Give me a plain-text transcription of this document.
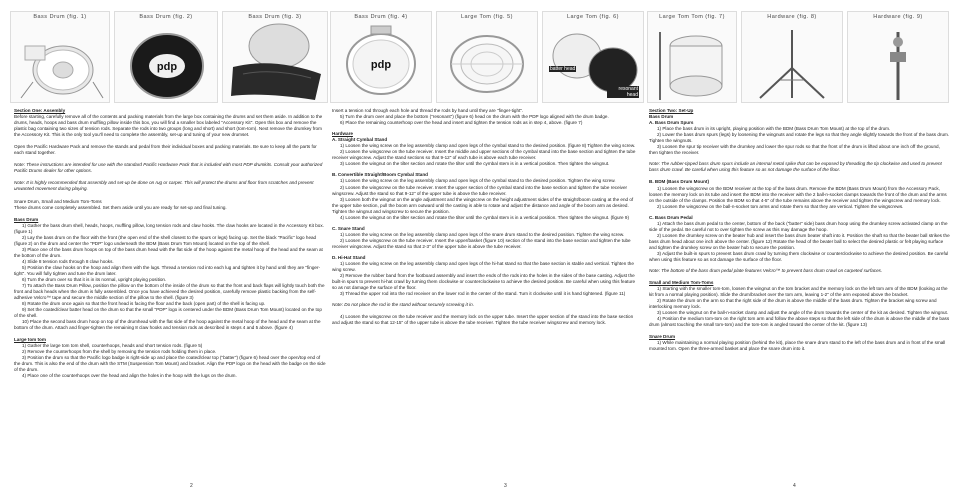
Bass Drum (fig. 1)	Bass Drum (fig. 2)
pdp
Bass Drum (fig. 3)

Section One: Assembly

Before starting, carefully remove all of the contents and packing materials from the large box containing the drums and set them aside. In addition to the drums, heads, hoops and bass drum muffling pillow inside this box, you will find a smaller box labeled "Accessory Kit". Open this box and remove the plastic bag containing two sizes of tension rods. Separate the rods into two groups (long and short) and short (tom-tom). Next remove the drumkey from the Accessory Kit. This is the only tool you'll need to complete the assembly, set-up and tuning of your new drumset.

Open the Pacific Hardware Pack and remove the stands and pedal from their individual boxes and packing materials. Be sure to keep all the parts for each stand together.

Note: These instructions are intended for use with the standard Pacific Hardware Pack that is included with most PDP drumkits. Consult your authorized Pacific Drums dealer for other options.

Note: It is highly recommended that assembly and set-up be done on rug or carpet. This will protect the drums and floor from scratches and prevent unwanted movement during playing.

Snare Drum, Small and Medium Tom-Toms

These drums come completely assembled. Set them aside until you are ready for set-up and final tuning.

Bass Drum

1) Gather the bass drum shell, heads, hoops, muffling pillow, long tension rods and claw hooks. The claw hooks are located in the Accessory Kit box. (figure 1)

2) Lay the bass drum on the floor with the front (the open end of the shell closest to the spurs or legs) facing up. Set the black "Pacific" logo head (figure 2) on the drum and center the "PDP" logo underneath the BDM (Bass Drum Tom Mount) located on the top of the shell.

3) Place one of the bass drum hoops on top of the bass drum head with the flat side of the hoop against the metal hoop of the head and the seam at the bottom of the drum.

4) Slide 8 tension rods through 8 claw hooks.

5) Position the claw hooks on the hoop and align them with the lugs. Thread a tension rod into each lug and tighten it by hand until they are "finger-tight". You will fully tighten and tune the drum later.

6) Turn the drum over so that it is in its normal, upright playing position.

7) To attach the Bass Drum Pillow, position the pillow on the bottom of the inside of the drum so that the front and back flaps will lightly touch both the front and back heads when the drum is fully assembled. Once you have achieved the desired position, carefully remove plastic backing from the self-adhesive Velcro™ tape and secure the middle section of the pillow to the shell. (figure 3)

8) Rotate the drum once again so that the front head is facing the floor and the back (open part) of the shell is facing up.

9) Set the coated/clear batter head on the drum so that the small "PDP" logo is centered under the BDM (Bass Drum Tom Mount) located on the top of the shell.

10) Place the second bass drum hoop on top of the drumhead with the flat side of the hoop against the metal hoop of the head and the seam at the bottom of the drum. Attach and finger-tighten the remaining 8 claw hooks and tension rods as described in steps 4 and 5 above. (figure 4)

Large tom tom

1) Gather the large tom tom shell, counterhoops, heads and short tension rods. (figure 5)

2) Remove the counterhoops from the shell by removing the tension rods holding them in place.

3) Position the drum so that the Pacific logo badge is right-side up and place the coated/clear top ("batter") (figure 6) head over the open/top end of the drum. This is also the end of the drum with the STM (Suspension Tom Mount) and bracket. Align the PDP logo on the head with the badge on the side of the drum.

4) Place one of the counterhoops over the head and align the holes in the hoop with the lugs on the drum.

2
Bass Drum (fig. 4)
pdp
Large Tom (fig. 5)	Large Tom (fig. 6)
batter head
resonant head

Insert a tension rod through each hole and thread the rods by hand until they are "finger-tight".

5) Turn the drum over and place the bottom ("resonant") (figure 6) head on the drum with the PDP logo aligned with the drum badge.

6) Place the remaining counterhoop over the head and insert and tighten the tension rods as in step 4, above. (figure 7)

Hardware

A. Straight Cymbal Stand

1) Loosen the wing screw on the leg assembly clamp and open legs of the cymbal stand to the desired position. (figure 8) Tighten the wing screw.

2) Loosen the wingscrew on the tube receiver. Insert the middle and upper sections of the cymbal stand into the base section and tighten the tube receiver wingscrew. Adjust the stand sections so that 9-12" of each tube is above each tube receiver.

3) Loosen the wingnut on the tilter section and rotate the tilter until the cymbal stem is in a vertical position. Then tighten the wingnut.

B. Convertible Straight/Boom Cymbal Stand

1) Loosen the wing screw on the leg assembly clamp and open legs of the cymbal stand to the desired position. Tighten the wing screw.

2) Loosen the wingscrew on the tube receiver. Insert the upper section of the cymbal stand into the base section and tighten the tube receiver wingscrew. Adjust the stand so that 9-12" of the upper tube is above the tube receiver.

3) Loosen both the wingnut on the angle adjustment and the wingscrew on the height adjustment sides of the straight/boom casting at the end of the upper tube section, pull the boom arm outward until the casting is able to rotate and adjust the distance and angle of the boom arm as desired. Tighten the wingnut and wingscrew to secure the position.

4) Loosen the wingnut on the tilter section and rotate the tilter until the cymbal stem is in a vertical position. Then tighten the wingnut. (figure 9)

C. Snare Stand

1) Loosen the wing screw on the leg assembly clamp and open legs of the snare drum stand to the desired position. Tighten the wing screw.

2) Loosen the wingscrew on the tube receiver. Insert the upper/basket (figure 10) section of the stand into the base section and tighten the tube receiver wingscrew. Adjust the stand so that 2-3" of the upper tube is above the tube receiver.

D. Hi-Hat Stand

1) Loosen the wing screw on the leg assembly clamp and open legs of the hi-hat stand so that the base section is stable and vertical. Tighten the wing screw.

2) Remove the rubber band from the footboard assembly and insert the ends of the rods into the holes in the sides of the base casting. Adjust the built-in spurs to prevent hi-hat crawl by turning them clockwise or counterclockwise to achieve the desired position. Be careful when using this feature so as not damage the surface of the floor.

3) Thread the upper rod into the rod receiver on the lower rod in the center of the stand. Turn it clockwise until it is hand tightened. (figure 11)

Note: Do not place the rod in the stand without securely screwing it in.

4) Loosen the wingscrew on the tube receiver and the memory lock on the upper tube. Insert the upper section of the stand into the base section and adjust the stand so that 12-15" of the upper tube is above the tube receiver. Tighten the tube receiver wingscrew and memory lock.

3
Large Tom Tom (fig. 7)	Hardware (fig. 8)	Hardware (fig. 9)

Section Two: Set-Up

Bass Drum

A. Bass Drum Spurs

1) Place the bass drum in its upright, playing position with the BDM (Bass Drum Tom Mount) at the top of the drum.

2) Lower the bass drum spurs (legs) by loosening the wingnuts and rotate the legs so that they angle slightly towards the front of the bass drum. Tighten the wingnuts.

3) Loosen the spur tip receiver with the drumkey and lower the spur rods so that the front of the drum is lifted about one inch off the ground, then tighten the receiver.

Note: The rubber-tipped bass drum spurs include an internal metal spike that can be exposed by threading the tip clockwise and used to prevent bass drum crawl. Be careful when using this feature so as not damage the surface of the floor.

B. BDM (Bass Drum Mount)

1) Loosen the wingscrew on the BDM receiver at the top of the bass drum. Remove the BDM (Bass Drum Mount) from the Accessory Pack, loosen the memory lock on its tube and insert the BDM into the receiver with the 2 ball-n-socket clamps towards the front of the drum and the arms on the outside of the clamps. Position the BDM so that 4-5" of the tube remains above the receiver and tighten the wingscrew and memory lock.

2) Loosen the wingscrew on the ball-n-socket tom arms and rotate them so that they are vertical. Tighten the wingscrews.

C. Bass Drum Pedal

1) Attach the bass drum pedal to the center, bottom of the back ("batter" side) bass drum hoop using the drumkey screw activated clamp on the side of the pedal. Be careful not to over tighten the screw as this may damage the hoop.

2) Loosen the drumkey screw on the beater hub and insert the bass drum beater shaft into it. Position the shaft so that the beater ball strikes the bass drum head about one inch above the center. (figure 12) Rotate the head of the beater ball to select the desired plastic or felt playing surface and tighten the drumkey screw on the beater hub to secure the position.

3) Adjust the built-in spurs to prevent bass drum crawl by turning them clockwise or counterclockwise to achieve the desired position. Be careful when using this feature so as not damage the surface of the floor.

Note: The bottom of the bass drum pedal plate features Velcro™ to prevent bass drum crawl on carpeted surfaces.

Small and Medium Tom-Toms

1) Starting with the smaller tom-tom, loosen the wingnut on the tom bracket and the memory lock on the left tom arm of the BDM (looking at the kit from a normal playing position). Slide the drum/bracket over the tom arm, leaving 1-2" of the arm exposed above the bracket.

2) Rotate the drum on the arm so that the right side of the drum is above the middle of the bass drum. Tighten the bracket wing screw and interlocking memory lock.

3) Loosen the wingnut on the ball-n-socket clamp and adjust the angle of the drum towards the center of the kit as desired. Tighten the wingnut.

4) Position the medium tom-tom on the right tom arm and follow the above steps so that the left side of the drum is above the middle of the bass drum (almost touching the small tom-tom) and the tom-tom is angled toward the center of the kit. (figure 13)

Snare Drum

1) While maintaining a normal playing position (behind the kit), place the snare drum stand to the left of the bass drum and in front of the small mounted tom. Open the three-armed basket and place the snare drum into it.

4
